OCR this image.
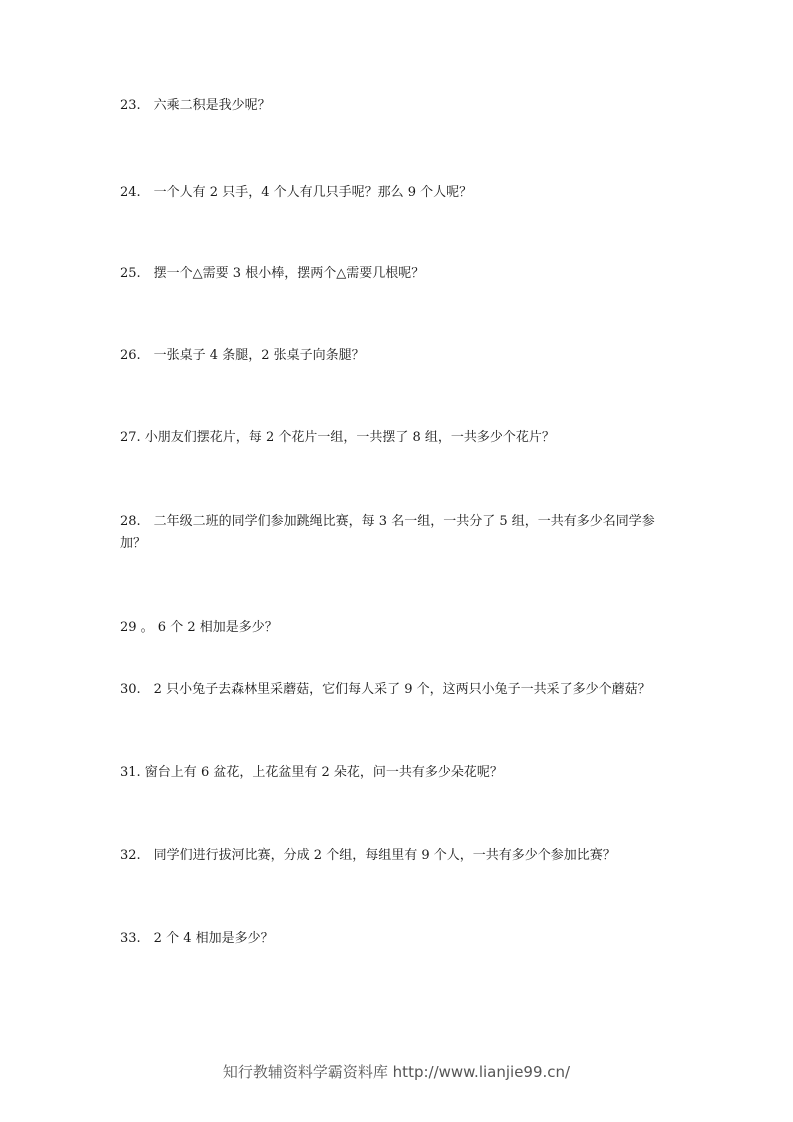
23.　六乘二积是我少呢？
24.　一个人有 2 只手，4 个人有几只手呢？那么 9 个人呢？
25.　摆一个△需要 3 根小棒，摆两个△需要几根呢？
26.　一张桌子 4 条腿，2 张桌子向条腿？
27. 小朋友们摆花片，每 2 个花片一组，一共摆了 8 组，一共多少个花片？
28.　二年级二班的同学们参加跳绳比赛，每 3 名一组，一共分了 5 组，一共有多少名同学参加？
29 。 6 个 2 相加是多少？
30.　2 只小兔子去森林里采蘑菇，它们每人采了 9 个，这两只小兔子一共采了多少个蘑菇？
31. 窗台上有 6 盆花，上花盆里有 2 朵花，问一共有多少朵花呢？
32.　同学们进行拔河比赛，分成 2 个组，每组里有 9 个人，一共有多少个参加比赛？
33.　2 个 4 相加是多少？
知行教辅资料学霸资料库 http://www.lianjie99.cn/
